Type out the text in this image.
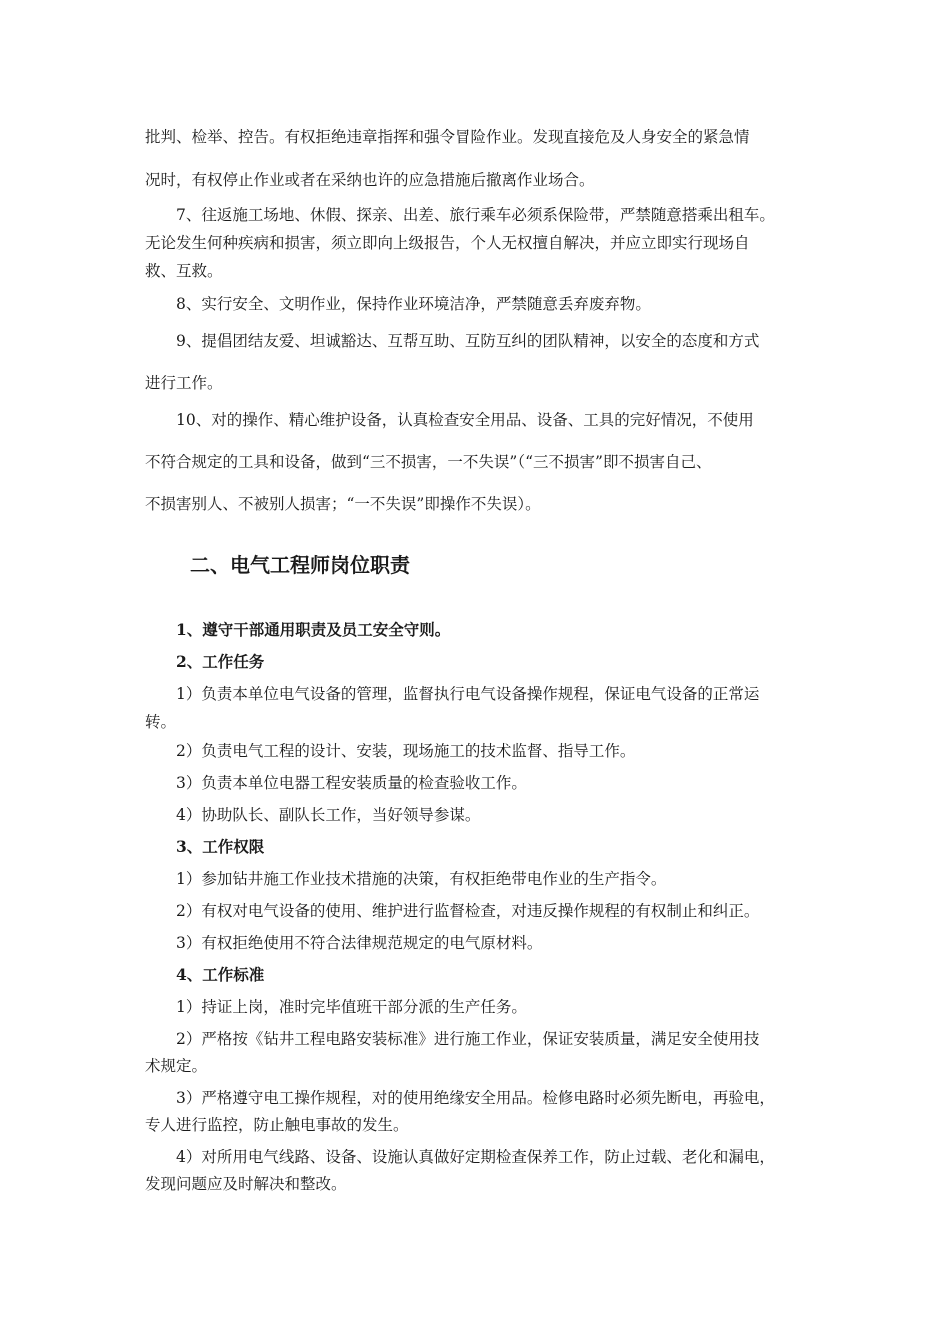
批判、检举、控告。有权拒绝违章指挥和强令冒险作业。发现直接危及人身安全的紧急情
况时，有权停止作业或者在采纳也许的应急措施后撤离作业场合。
7、往返施工场地、休假、探亲、出差、旅行乘车必须系保险带，严禁随意搭乘出租车。
无论发生何种疾病和损害，须立即向上级报告，个人无权擅自解决，并应立即实行现场自
救、互救。
8、实行安全、文明作业，保持作业环境洁净，严禁随意丢弃废弃物。
9、提倡团结友爱、坦诚豁达、互帮互助、互防互纠的团队精神，以安全的态度和方式
进行工作。
10、对的操作、精心维护设备，认真检查安全用品、设备、工具的完好情况，不使用
不符合规定的工具和设备，做到“三不损害，一不失误”（“三不损害”即不损害自己、
不损害别人、不被别人损害；“一不失误”即操作不失误）。
二、电气工程师岗位职责
1、遵守干部通用职责及员工安全守则。
2、工作任务
1）负责本单位电气设备的管理，监督执行电气设备操作规程，保证电气设备的正常运
转。
2）负责电气工程的设计、安装，现场施工的技术监督、指导工作。
3）负责本单位电器工程安装质量的检查验收工作。
4）协助队长、副队长工作，当好领导参谋。
3、工作权限
1）参加钻井施工作业技术措施的决策，有权拒绝带电作业的生产指令。
2）有权对电气设备的使用、维护进行监督检查，对违反操作规程的有权制止和纠正。
3）有权拒绝使用不符合法律规范规定的电气原材料。
4、工作标准
1）持证上岗，准时完毕值班干部分派的生产任务。
2）严格按《钻井工程电路安装标准》进行施工作业，保证安装质量，满足安全使用技
术规定。
3）严格遵守电工操作规程，对的使用绝缘安全用品。检修电路时必须先断电，再验电，
专人进行监控，防止触电事故的发生。
4）对所用电气线路、设备、设施认真做好定期检查保养工作，防止过载、老化和漏电，
发现问题应及时解决和整改。
